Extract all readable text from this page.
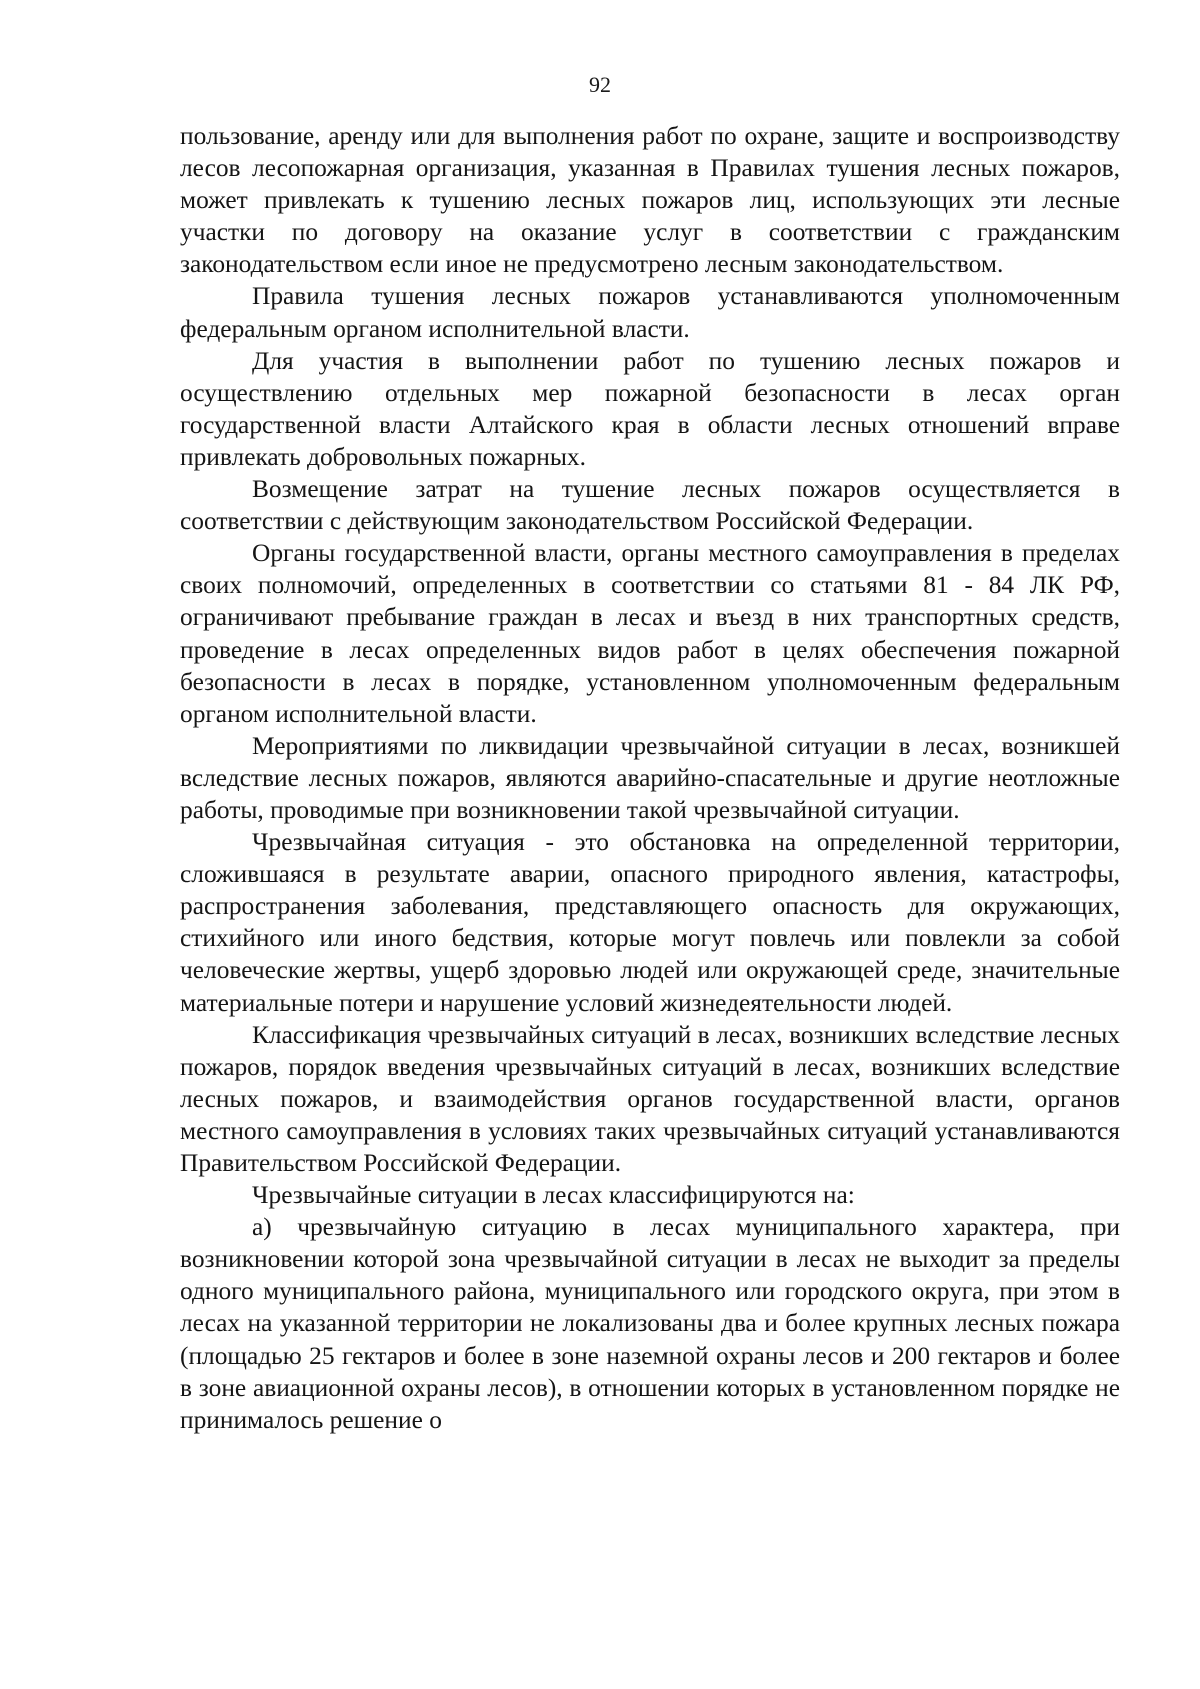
92

пользование, аренду или для выполнения работ по охране, защите и воспроизводству лесов лесопожарная организация, указанная в Правилах тушения лесных пожаров, может привлекать к тушению лесных пожаров лиц, использующих эти лесные участки по договору на оказание услуг в соответствии с гражданским законодательством если иное не предусмотрено лесным законодательством.

Правила тушения лесных пожаров устанавливаются уполномоченным федеральным органом исполнительной власти.

Для участия в выполнении работ по тушению лесных пожаров и осуществлению отдельных мер пожарной безопасности в лесах орган государственной власти Алтайского края в области лесных отношений вправе привлекать добровольных пожарных.

Возмещение затрат на тушение лесных пожаров осуществляется в соответствии с действующим законодательством Российской Федерации.

Органы государственной власти, органы местного самоуправления в пределах своих полномочий, определенных в соответствии со статьями 81 - 84 ЛК РФ, ограничивают пребывание граждан в лесах и въезд в них транспортных средств, проведение в лесах определенных видов работ в целях обеспечения пожарной безопасности в лесах в порядке, установленном уполномоченным федеральным органом исполнительной власти.

Мероприятиями по ликвидации чрезвычайной ситуации в лесах, возникшей вследствие лесных пожаров, являются аварийно-спасательные и другие неотложные работы, проводимые при возникновении такой чрезвычайной ситуации.

Чрезвычайная ситуация - это обстановка на определенной территории, сложившаяся в результате аварии, опасного природного явления, катастрофы, распространения заболевания, представляющего опасность для окружающих, стихийного или иного бедствия, которые могут повлечь или повлекли за собой человеческие жертвы, ущерб здоровью людей или окружающей среде, значительные материальные потери и нарушение условий жизнедеятельности людей.

Классификация чрезвычайных ситуаций в лесах, возникших вследствие лесных пожаров, порядок введения чрезвычайных ситуаций в лесах, возникших вследствие лесных пожаров, и взаимодействия органов государственной власти, органов местного самоуправления в условиях таких чрезвычайных ситуаций устанавливаются Правительством Российской Федерации.

Чрезвычайные ситуации в лесах классифицируются на:

а) чрезвычайную ситуацию в лесах муниципального характера, при возникновении которой зона чрезвычайной ситуации в лесах не выходит за пределы одного муниципального района, муниципального или городского округа, при этом в лесах на указанной территории не локализованы два и более крупных лесных пожара (площадью 25 гектаров и более в зоне наземной охраны лесов и 200 гектаров и более в зоне авиационной охраны лесов), в отношении которых в установленном порядке не принималось решение о
